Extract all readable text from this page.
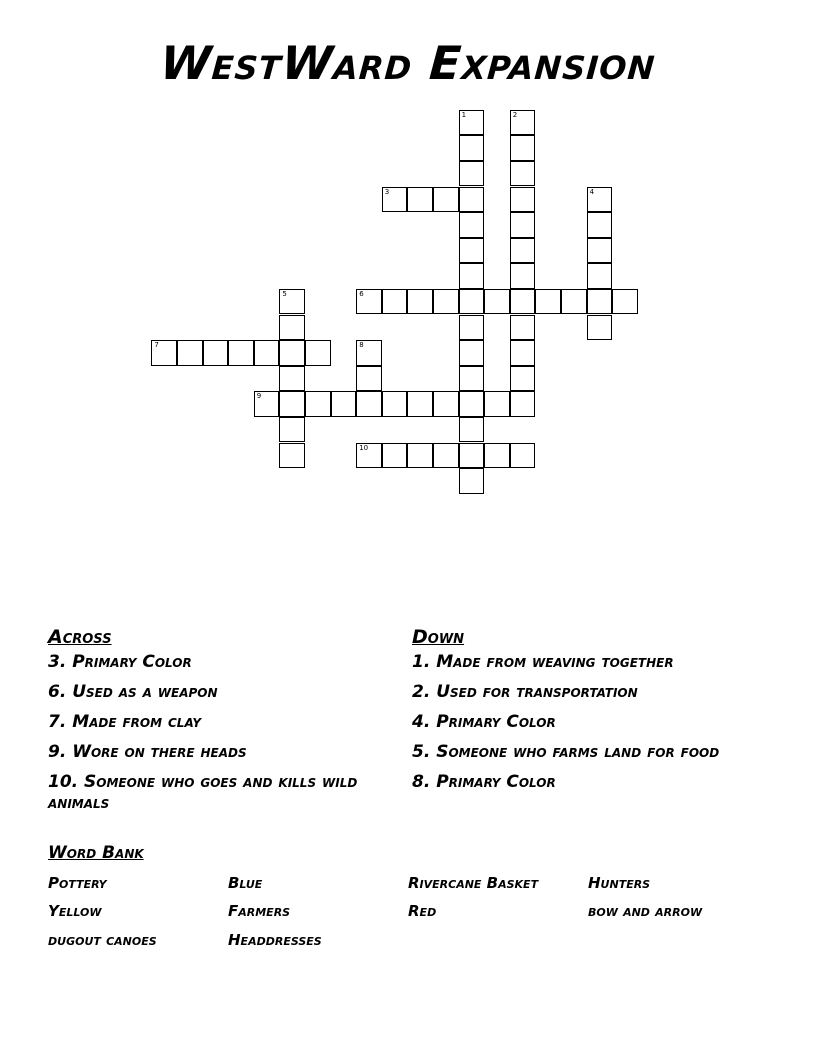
WestWard Expansion
1	2
3	4
5	6
7	8
9
10
Across
3. Primary Color
6. Used as a weapon
7. Made from clay
9. Wore on there heads
10. Someone who goes and kills wild animals
Down
1. Made from weaving together
2. Used for transportation
4. Primary Color
5. Someone who farms land for food
8. Primary Color
Word Bank
Pottery	Blue	Rivercane Basket	Hunters
Yellow	Farmers	Red	bow and arrow
dugout canoes	Headdresses
